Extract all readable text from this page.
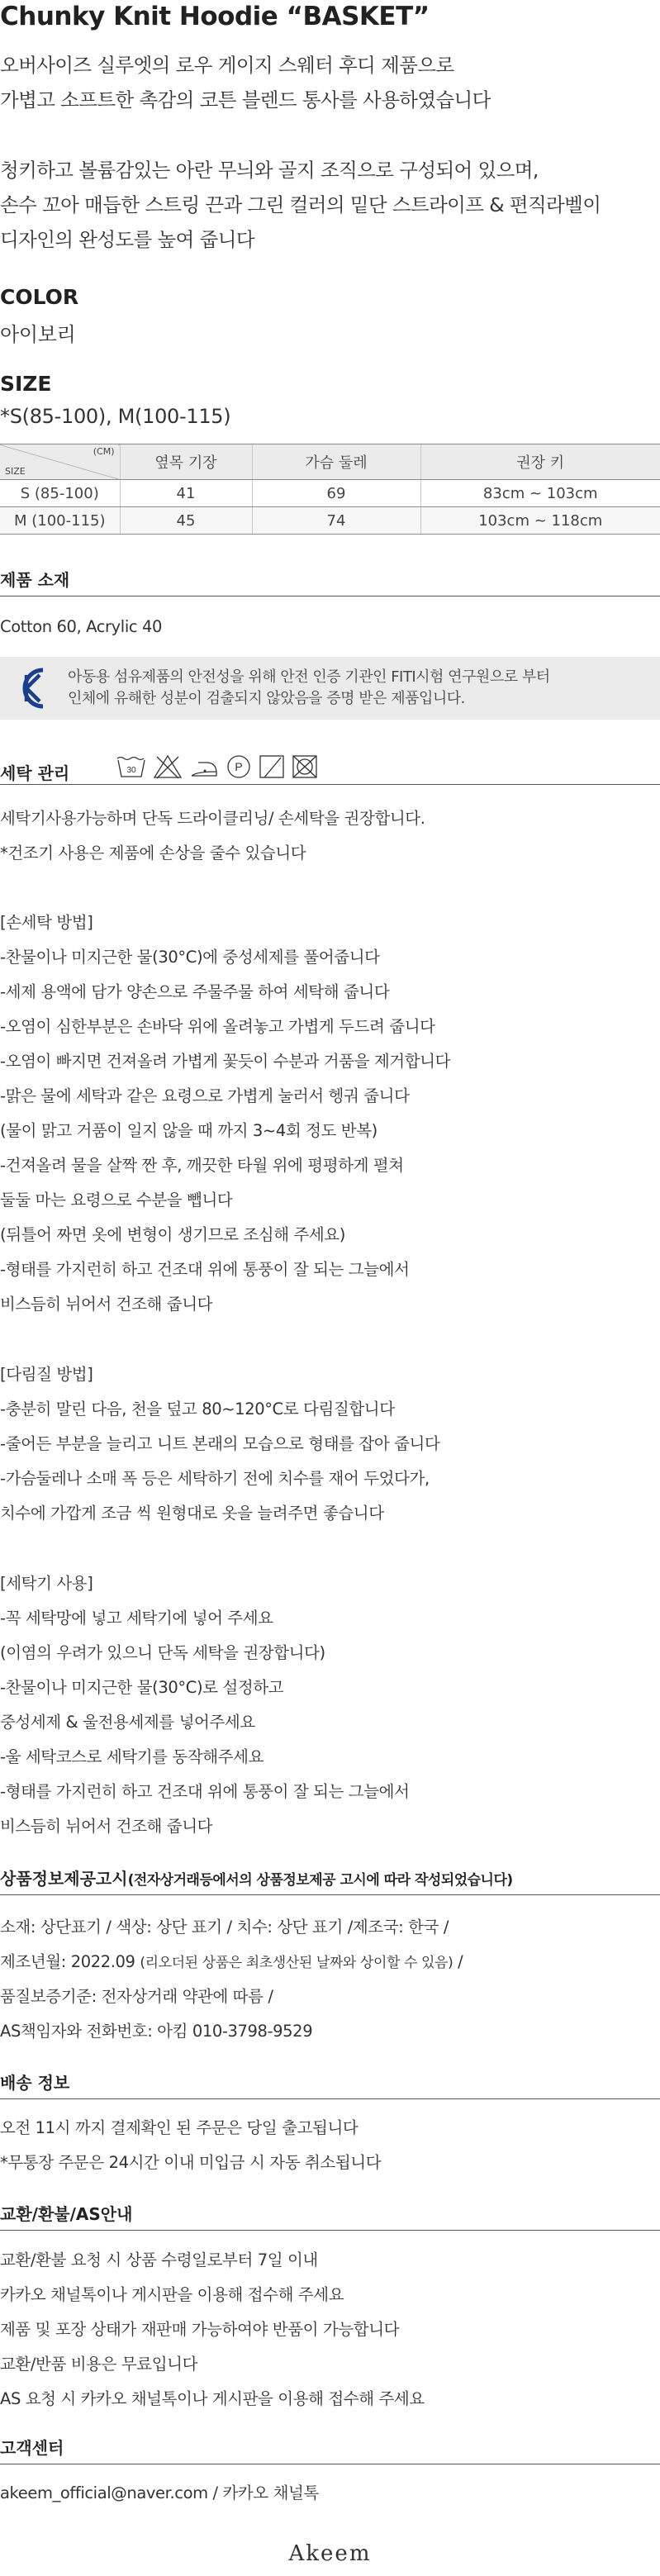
Chunky Knit Hoodie “BASKET”
오버사이즈 실루엣의 로우 게이지 스웨터 후디 제품으로
가볍고 소프트한 촉감의 코튼 블렌드 통사를 사용하였습니다
청키하고 볼륨감있는 아란 무늬와 골지 조직으로 구성되어 있으며,
손수 꼬아 매듭한 스트링 끈과 그린 컬러의 밑단 스트라이프 & 편직라벨이
디자인의 완성도를 높여 줍니다
COLOR
아이보리
SIZE
*S(85-100), M(100-115)
(CM)
SIZE	옆목 기장	가슴 둘레	권장 키
S (85-100)	41	69	83cm ~ 103cm
M (100-115)	45	74	103cm ~ 118cm
제품 소재
Cotton 60, Acrylic 40
아동용 섬유제품의 안전성을 위해 안전 인증 기관인 FITI시험 연구원으로 부터
인체에 유해한 성분이 검출되지 않았음을 증명 받은 제품입니다.
세탁 관리	30	P
세탁기사용가능하며 단독 드라이클리닝/ 손세탁을 권장합니다.
*건조기 사용은 제품에 손상을 줄수 있습니다
[손세탁 방법]
-찬물이나 미지근한 물(30°C)에 중성세제를 풀어줍니다
-세제 용액에 담가 양손으로 주물주물 하여 세탁해 줍니다
-오염이 심한부분은 손바닥 위에 올려놓고 가볍게 두드려 줍니다
-오염이 빠지면 건져올려 가볍게 꽃듯이 수분과 거품을 제거합니다
-맑은 물에 세탁과 같은 요령으로 가볍게 눌러서 헹궈 줍니다
(물이 맑고 거품이 일지 않을 때 까지 3~4회 정도 반복)
-건져올려 물을 살짝 짠 후, 깨끗한 타월 위에 평평하게 펼쳐
둘둘 마는 요령으로 수분을 뺍니다
(뒤틀어 짜면 옷에 변형이 생기므로 조심해 주세요)
-형태를 가지런히 하고 건조대 위에 통풍이 잘 되는 그늘에서
비스듬히 뉘어서 건조해 줍니다
[다림질 방법]
-충분히 말린 다음, 천을 덮고 80~120°C로 다림질합니다
-줄어든 부분을 늘리고 니트 본래의 모습으로 형태를 잡아 줍니다
-가슴둘레나 소매 폭 등은 세탁하기 전에 치수를 재어 두었다가,
치수에 가깝게 조금 씩 원형대로 옷을 늘려주면 좋습니다
[세탁기 사용]
-꼭 세탁망에 넣고 세탁기에 넣어 주세요
(이염의 우려가 있으니 단독 세탁을 권장합니다)
-찬물이나 미지근한 물(30°C)로 설정하고
중성세제 & 울전용세제를 넣어주세요
-울 세탁코스로 세탁기를 동작해주세요
-형태를 가지런히 하고 건조대 위에 통풍이 잘 되는 그늘에서
비스듬히 뉘어서 건조해 줍니다
상품정보제공고시(전자상거래등에서의 상품정보제공 고시에 따라 작성되었습니다)
소재: 상단표기 / 색상: 상단 표기 / 치수: 상단 표기 /제조국: 한국 /
제조년월: 2022.09 (리오더된 상품은 최초생산된 날짜와 상이할 수 있음) /
품질보증기준: 전자상거래 약관에 따름 /
AS책임자와 전화번호: 아킴 010-3798-9529
배송 정보
오전 11시 까지 결제확인 된 주문은 당일 출고됩니다
*무통장 주문은 24시간 이내 미입금 시 자동 취소됩니다
교환/환불/AS안내
교환/환불 요청 시 상품 수령일로부터 7일 이내
카카오 채널톡이나 게시판을 이용해 접수해 주세요
제품 및 포장 상태가 재판매 가능하여야 반품이 가능합니다
교환/반품 비용은 무료입니다
AS 요청 시 카카오 채널톡이나 게시판을 이용해 접수해 주세요
고객센터
akeem_official@naver.com / 카카오 채널톡
Akeem
